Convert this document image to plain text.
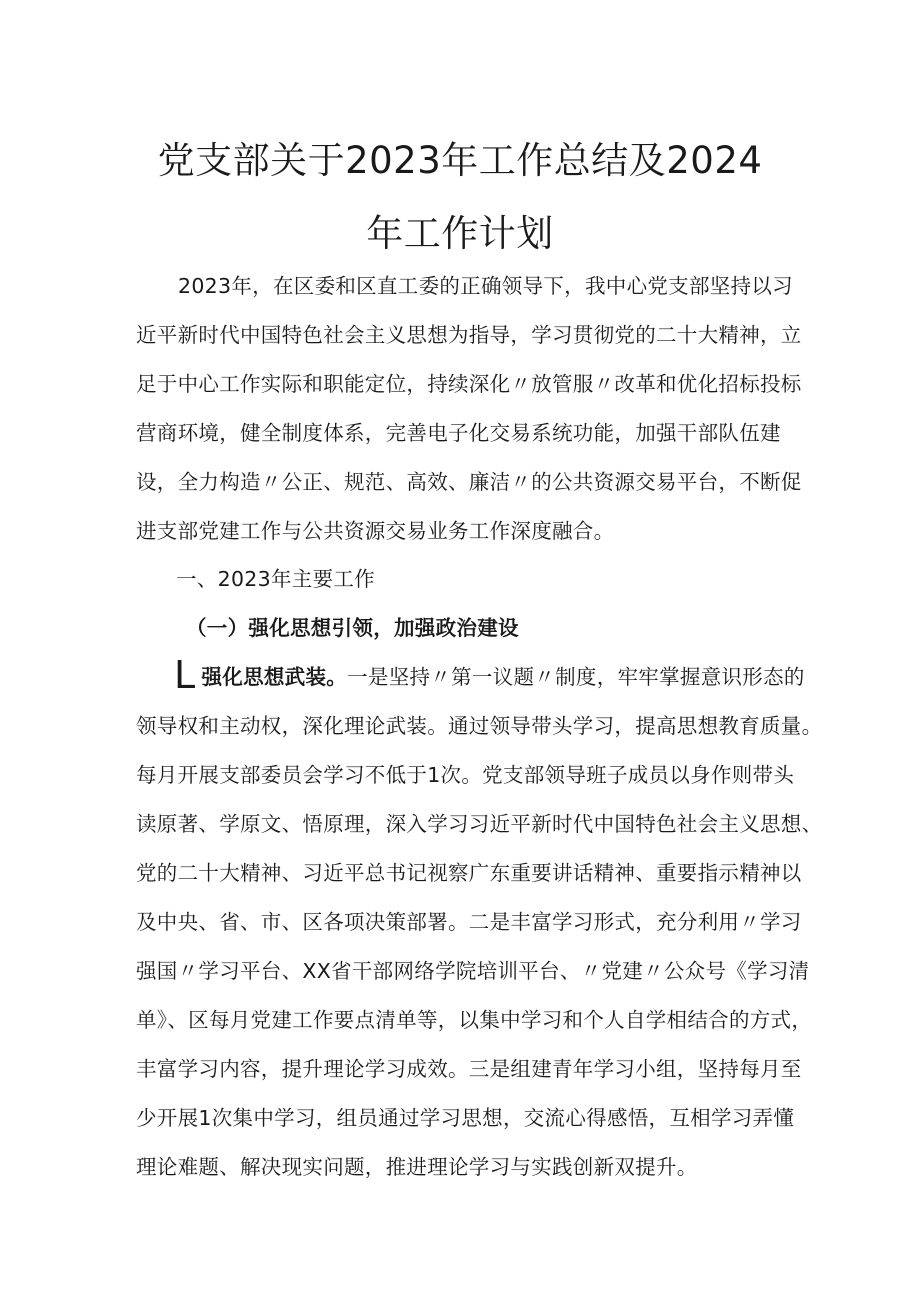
党支部关于2023年工作总结及2024
年工作计划
2023年，在区委和区直工委的正确领导下，我中心党支部坚持以习
近平新时代中国特色社会主义思想为指导，学习贯彻党的二十大精神，立
足于中心工作实际和职能定位，持续深化〃放管服〃改革和优化招标投标
营商环境，健全制度体系，完善电子化交易系统功能，加强干部队伍建
设，全力构造〃公正、规范、高效、廉洁〃的公共资源交易平台，不断促
进支部党建工作与公共资源交易业务工作深度融合。
一、2023年主要工作
（一）强化思想引领，加强政治建设
L强化思想武装。一是坚持〃第一议题〃制度，牢牢掌握意识形态的
领导权和主动权，深化理论武装。通过领导带头学习，提高思想教育质量。
每月开展支部委员会学习不低于1次。党支部领导班子成员以身作则带头
读原著、学原文、悟原理，深入学习习近平新时代中国特色社会主义思想、
党的二十大精神、习近平总书记视察广东重要讲话精神、重要指示精神以
及中央、省、市、区各项决策部署。二是丰富学习形式，充分利用〃学习
强国〃学习平台、XX省干部网络学院培训平台、〃党建〃公众号《学习清
单》、区每月党建工作要点清单等，以集中学习和个人自学相结合的方式，
丰富学习内容，提升理论学习成效。三是组建青年学习小组，坚持每月至
少开展1次集中学习，组员通过学习思想，交流心得感悟，互相学习弄懂
理论难题、解决现实问题，推进理论学习与实践创新双提升。
